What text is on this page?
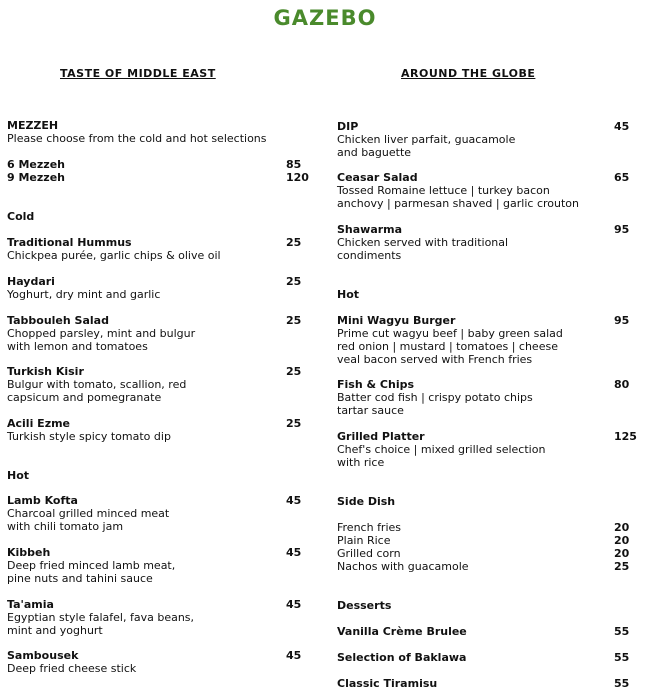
GAZEBO
TASTE OF MIDDLE EAST	AROUND THE GLOBE
MEZZEH
Please choose from the cold and hot selections
6 Mezzeh	85
9 Mezzeh	120
Cold
Traditional Hummus	25
Chickpea purée, garlic chips & olive oil
Haydari	25
Yoghurt, dry mint and garlic
Tabbouleh Salad	25
Chopped parsley, mint and bulgur
with lemon and tomatoes
Turkish Kisir	25
Bulgur with tomato, scallion, red
capsicum and pomegranate
Acili Ezme	25
Turkish style spicy tomato dip
Hot
Lamb Kofta	45
Charcoal grilled minced meat
with chili tomato jam
Kibbeh	45
Deep fried minced lamb meat,
pine nuts and tahini sauce
Ta'amia	45
Egyptian style falafel, fava beans,
mint and yoghurt
Sambousek	45
Deep fried cheese stick
DIP	45
Chicken liver parfait, guacamole
and baguette
Ceasar Salad	65
Tossed Romaine lettuce | turkey bacon
anchovy | parmesan shaved | garlic crouton
Shawarma	95
Chicken served with traditional
condiments
Hot
Mini Wagyu Burger	95
Prime cut wagyu beef | baby green salad
red onion | mustard | tomatoes | cheese
veal bacon served with French fries
Fish & Chips	80
Batter cod fish | crispy potato chips
tartar sauce
Grilled Platter	125
Chef's choice | mixed grilled selection
with rice
Side Dish
French fries	20
Plain Rice	20
Grilled corn	20
Nachos with guacamole	25
Desserts
Vanilla Crème Brulee	55
Selection of Baklawa	55
Classic Tiramisu	55
